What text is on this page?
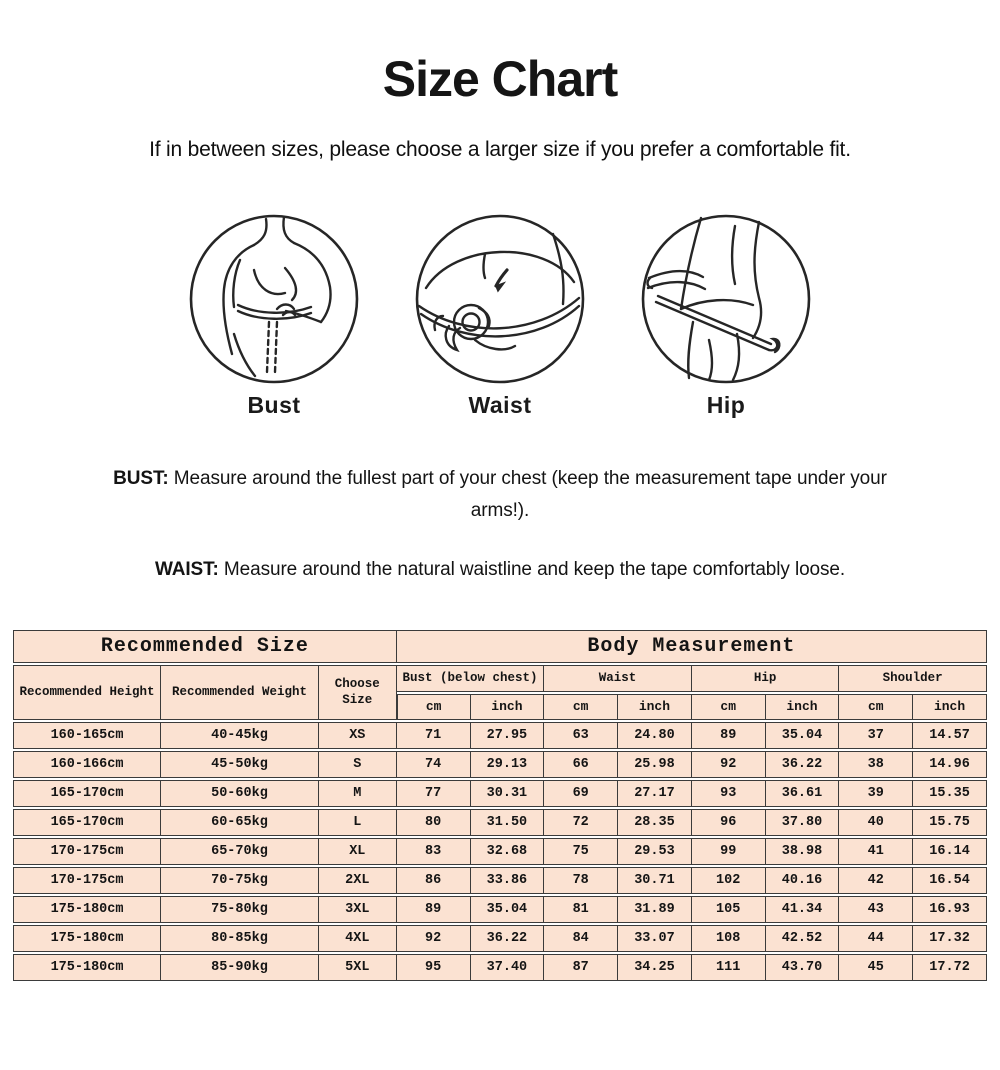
Size Chart

If in between sizes, please choose a larger size if you prefer a comfortable fit.

Bust	Waist	Hip

BUST: Measure around the fullest part of your chest (keep the measurement tape under your arms!).

WAIST: Measure around the natural waistline and keep the tape comfortably loose.

Recommended Size			Body Measurement							
Recommended Height	Recommended Weight	Choose Size	Bust (below chest)		Waist		Hip		Shoulder	
			cm	inch	cm	inch	cm	inch	cm	inch
160-165cm	40-45kg	XS	71	27.95	63	24.80	89	35.04	37	14.57
160-166cm	45-50kg	S	74	29.13	66	25.98	92	36.22	38	14.96
165-170cm	50-60kg	M	77	30.31	69	27.17	93	36.61	39	15.35
165-170cm	60-65kg	L	80	31.50	72	28.35	96	37.80	40	15.75
170-175cm	65-70kg	XL	83	32.68	75	29.53	99	38.98	41	16.14
170-175cm	70-75kg	2XL	86	33.86	78	30.71	102	40.16	42	16.54
175-180cm	75-80kg	3XL	89	35.04	81	31.89	105	41.34	43	16.93
175-180cm	80-85kg	4XL	92	36.22	84	33.07	108	42.52	44	17.32
175-180cm	85-90kg	5XL	95	37.40	87	34.25	111	43.70	45	17.72
